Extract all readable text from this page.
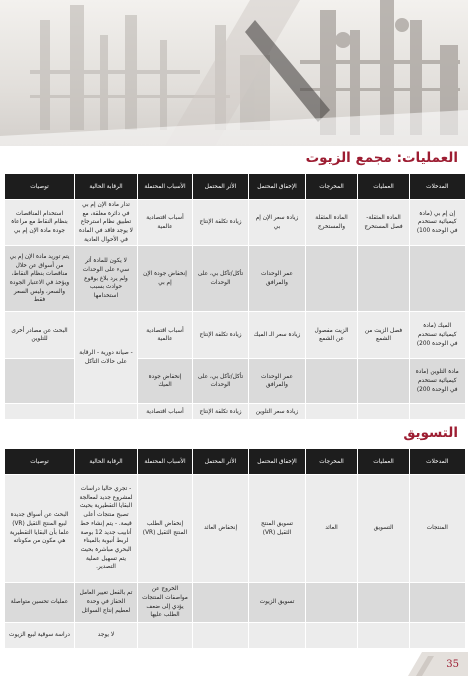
العمليات: مجمع الزيوت
المدخلات	العمليات	المخرجات	الإخفاق المحتمل	الأثر المحتمل	الأسباب المحتملة	الرقابة الحالية	توصيات
إن إم بي (مادة كيميائية تستخدم في الوحدة 100)	المادة المثقلة- فصل المستخرج	المادة المثقلة والمستخرج	زيادة سعر الإن إم بي	زيادة تكلفة الإنتاج	أسباب اقتصادية عالمية	تدار مادة الإن إم بي في دائرة مغلقة، مع تطبيق نظام استرجاع لا يوجد فاقد في المادة في الأحوال العادية	استخدام المناقصات بنظام النقاط مع مراعاة جودة مادة الإن إم بي

			عمر الوحدات والمرافق	تأكل/تآكل بي، على الوحدات	إنخفاض جودة الإن إم بي	لا يكون للمادة أثر سيء على الوحدات ولم يرد بلاغ بوقوع حوادث بسبب استخدامها	يتم توريد مادة الإن إم بي من أسواق عن خلال مناقصات بنظام النقاط، ويؤخذ في الاعتبار الجودة والسعر، وليس السعر فقط
الميك (مادة كيميائية تستخدم في الوحدة 200)	فصل الزيت من الشمع	الزيت مفصول عن الشمع	زيادة سعر الـ الميك	زيادة تكلفة الإنتاج	أسباب اقتصادية عالمية	- صيانة دورية - الرقابة على حالات التآكل	البحث عن مصادر أخرى للتلوين
مادة التلوين (مادة كيميائية تستخدم في الوحدة 200)			عمر الوحدات والمرافق	تأكل/تآكل بي، على الوحدات	إنخفاض جودة الميك		
			زيادة سعر التلوين	زيادة تكلفة الإنتاج	أسباب اقتصادية		
التسويق
المدخلات	العمليات	المخرجات	الإخفاق المحتمل	الأثر المحتمل	الأسباب المحتملة	الرقابة الحالية	توصيات
المنتجات	التسويق	العائد	تسويق المنتج الثقيل (VR)	إنخفاض العائد	إنخفاض الطلب المنتج الثقيل (VR)	- تجري حاليا دراسات لمشروع جديد لمعالجة البقايا التقطيرية بحيث تصبح منتجات أعلى قيمة. - يتم إنشاء خط أنابيب جديد 12 بوصة لربط أنبوبة بالميناء البحري مباشرة بحيث يتم تسهيل عملية التصدير.	البحث عن أسواق جديدة لبيع المنتج الثقيل (VR) علما بأن البقايا التقطيرية هي مكون من مكوناته
			تسويق الزيوت		الخروج عن مواصفات المنتجات يؤدي إلى ضعف الطلب عليها	تم بالفعل تغيير العامل الحفاز في وحدة لعطيم إنتاج السوائل	عمليات تحسين متواصلة
						لا يوجد	دراسة سوقية لبيع الزيوت
35
